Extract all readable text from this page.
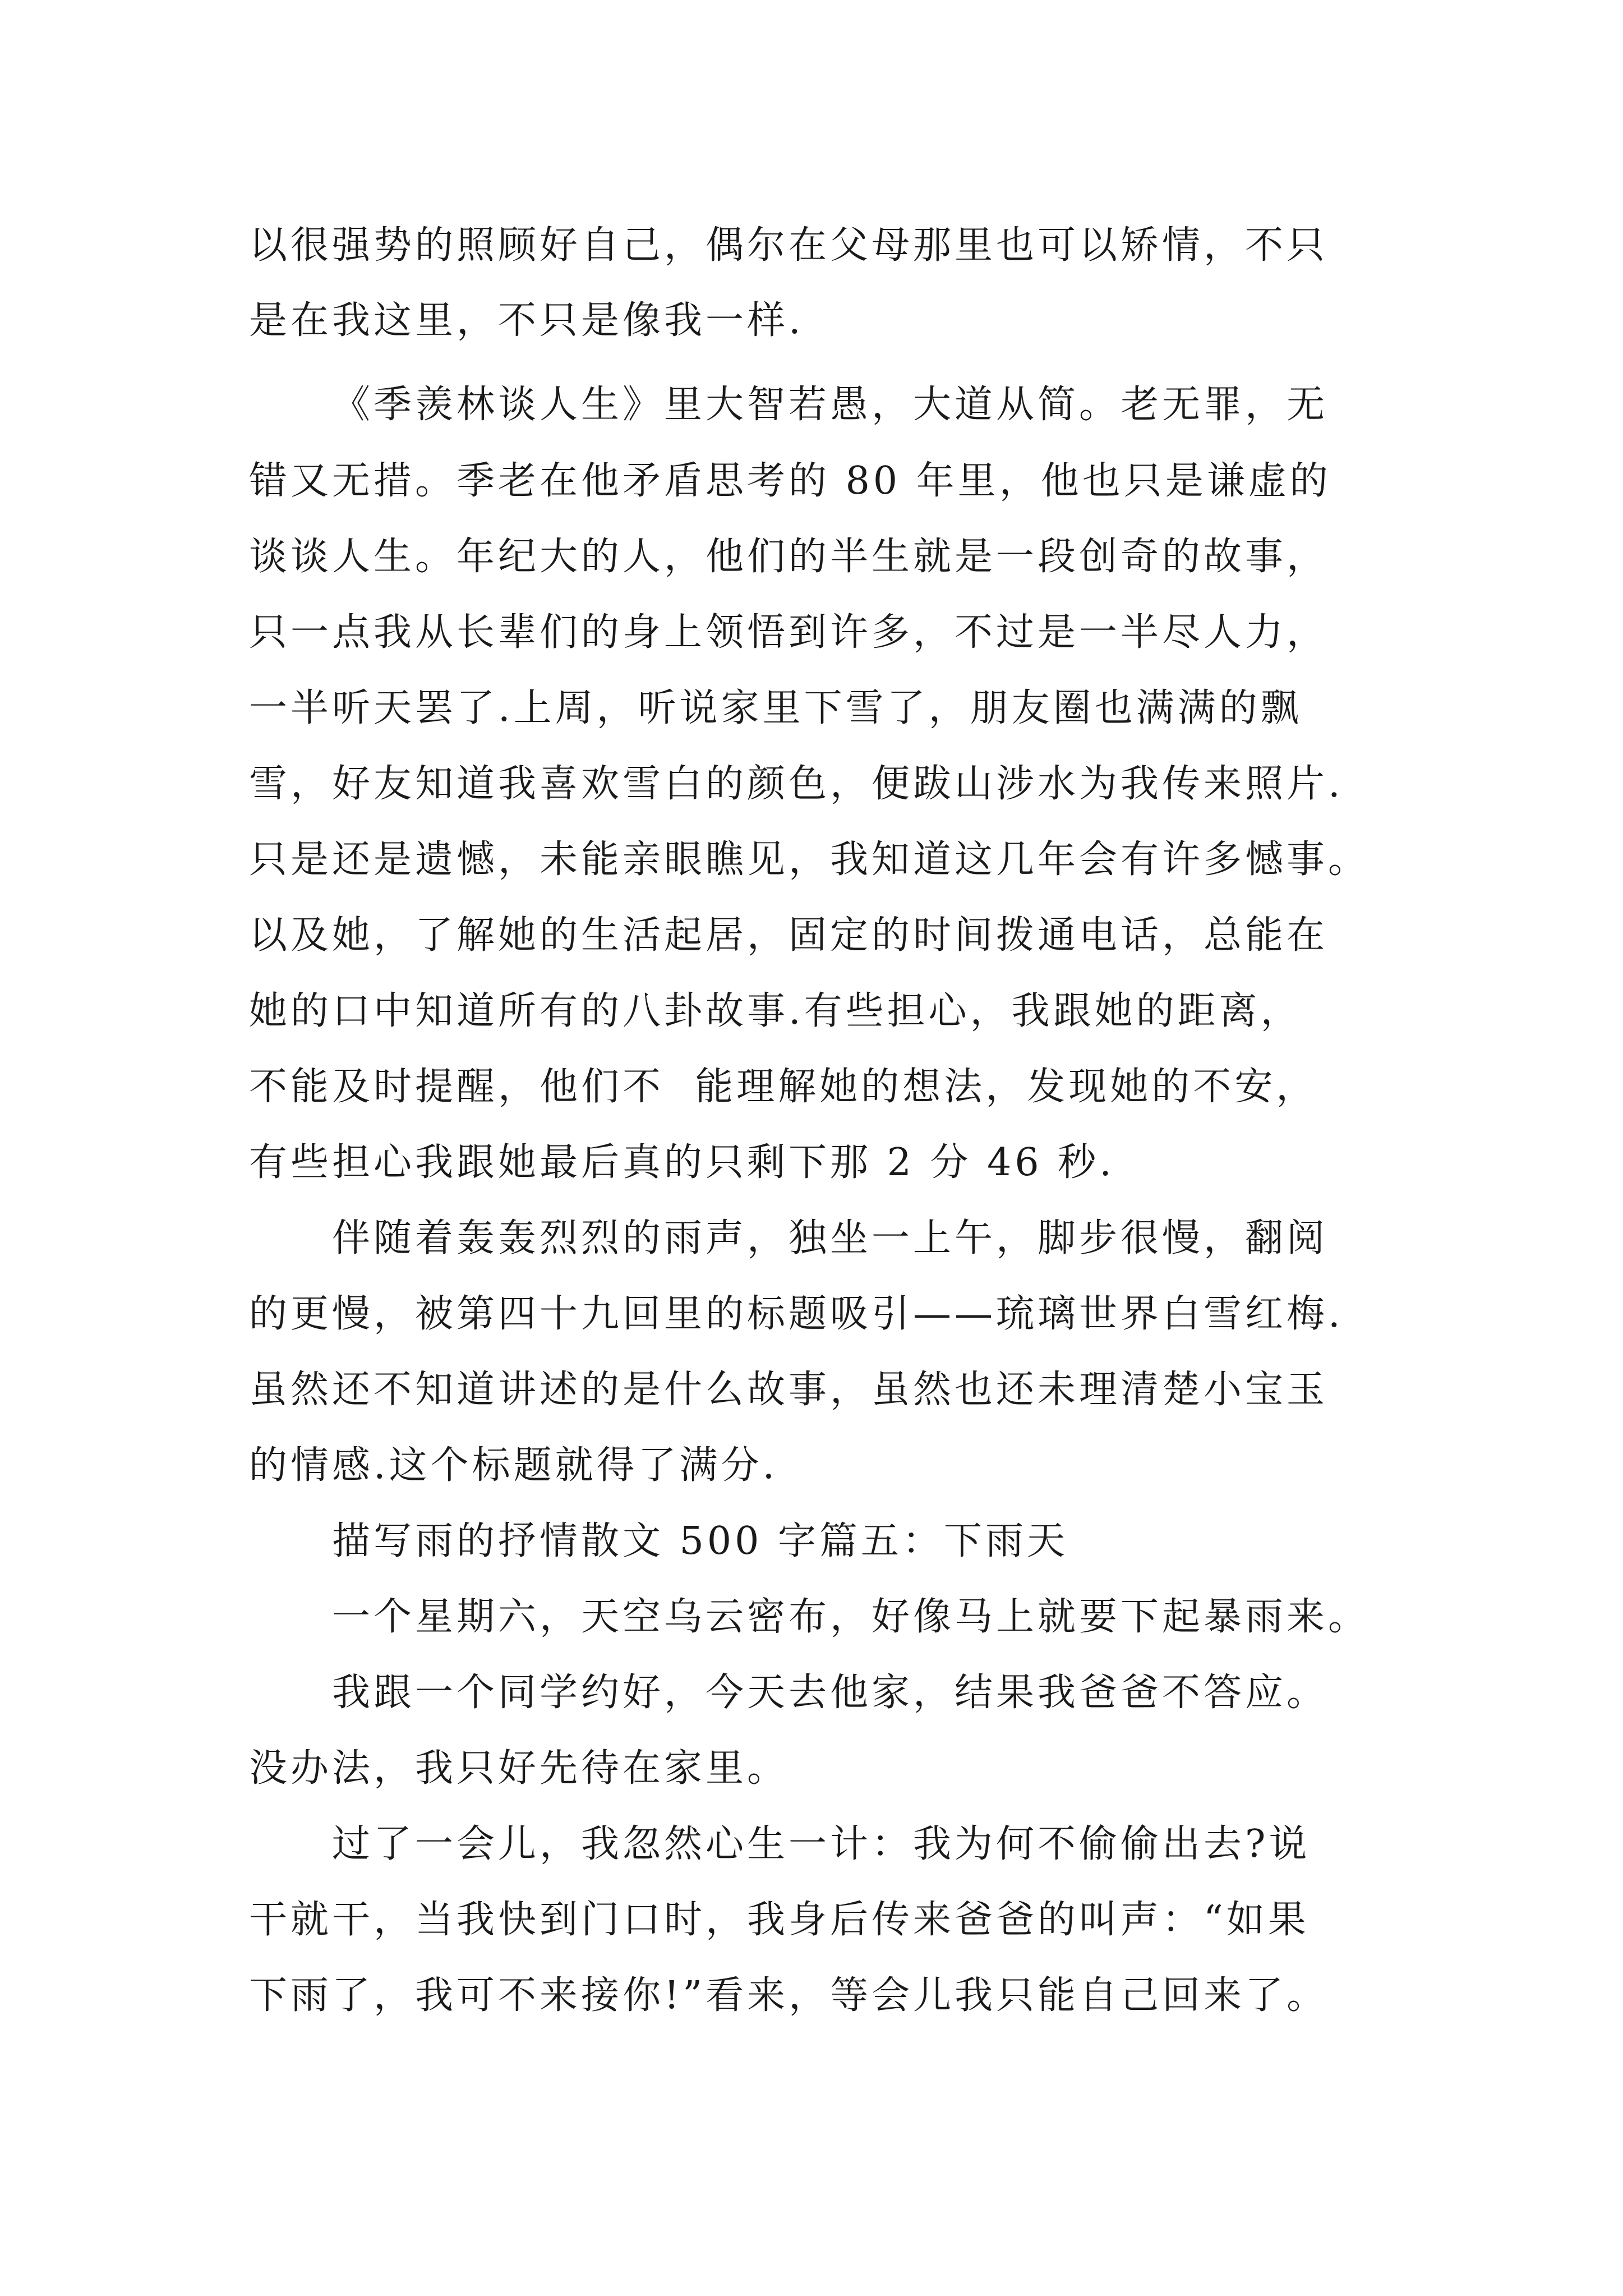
以很强势的照顾好自己，偶尔在父母那里也可以矫情，不只
是在我这里，不只是像我一样.
《季羡林谈人生》里大智若愚，大道从简。老无罪，无
错又无措。季老在他矛盾思考的 80 年里，他也只是谦虚的
谈谈人生。年纪大的人，他们的半生就是一段创奇的故事，
只一点我从长辈们的身上领悟到许多，不过是一半尽人力，
一半听天罢了.上周，听说家里下雪了，朋友圈也满满的飘
雪，好友知道我喜欢雪白的颜色，便跋山涉水为我传来照片.
只是还是遗憾，未能亲眼瞧见，我知道这几年会有许多憾事。
以及她，了解她的生活起居，固定的时间拨通电话，总能在
她的口中知道所有的八卦故事.有些担心，我跟她的距离，
不能及时提醒，他们不  能理解她的想法，发现她的不安，
有些担心我跟她最后真的只剩下那 2 分 46 秒.
伴随着轰轰烈烈的雨声，独坐一上午，脚步很慢，翻阅
的更慢，被第四十九回里的标题吸引——琉璃世界白雪红梅.
虽然还不知道讲述的是什么故事，虽然也还未理清楚小宝玉
的情感.这个标题就得了满分.
描写雨的抒情散文 500 字篇五：下雨天
一个星期六，天空乌云密布，好像马上就要下起暴雨来。
我跟一个同学约好，今天去他家，结果我爸爸不答应。
没办法，我只好先待在家里。
过了一会儿，我忽然心生一计：我为何不偷偷出去?说
干就干，当我快到门口时，我身后传来爸爸的叫声：“如果
下雨了，我可不来接你!”看来，等会儿我只能自己回来了。
